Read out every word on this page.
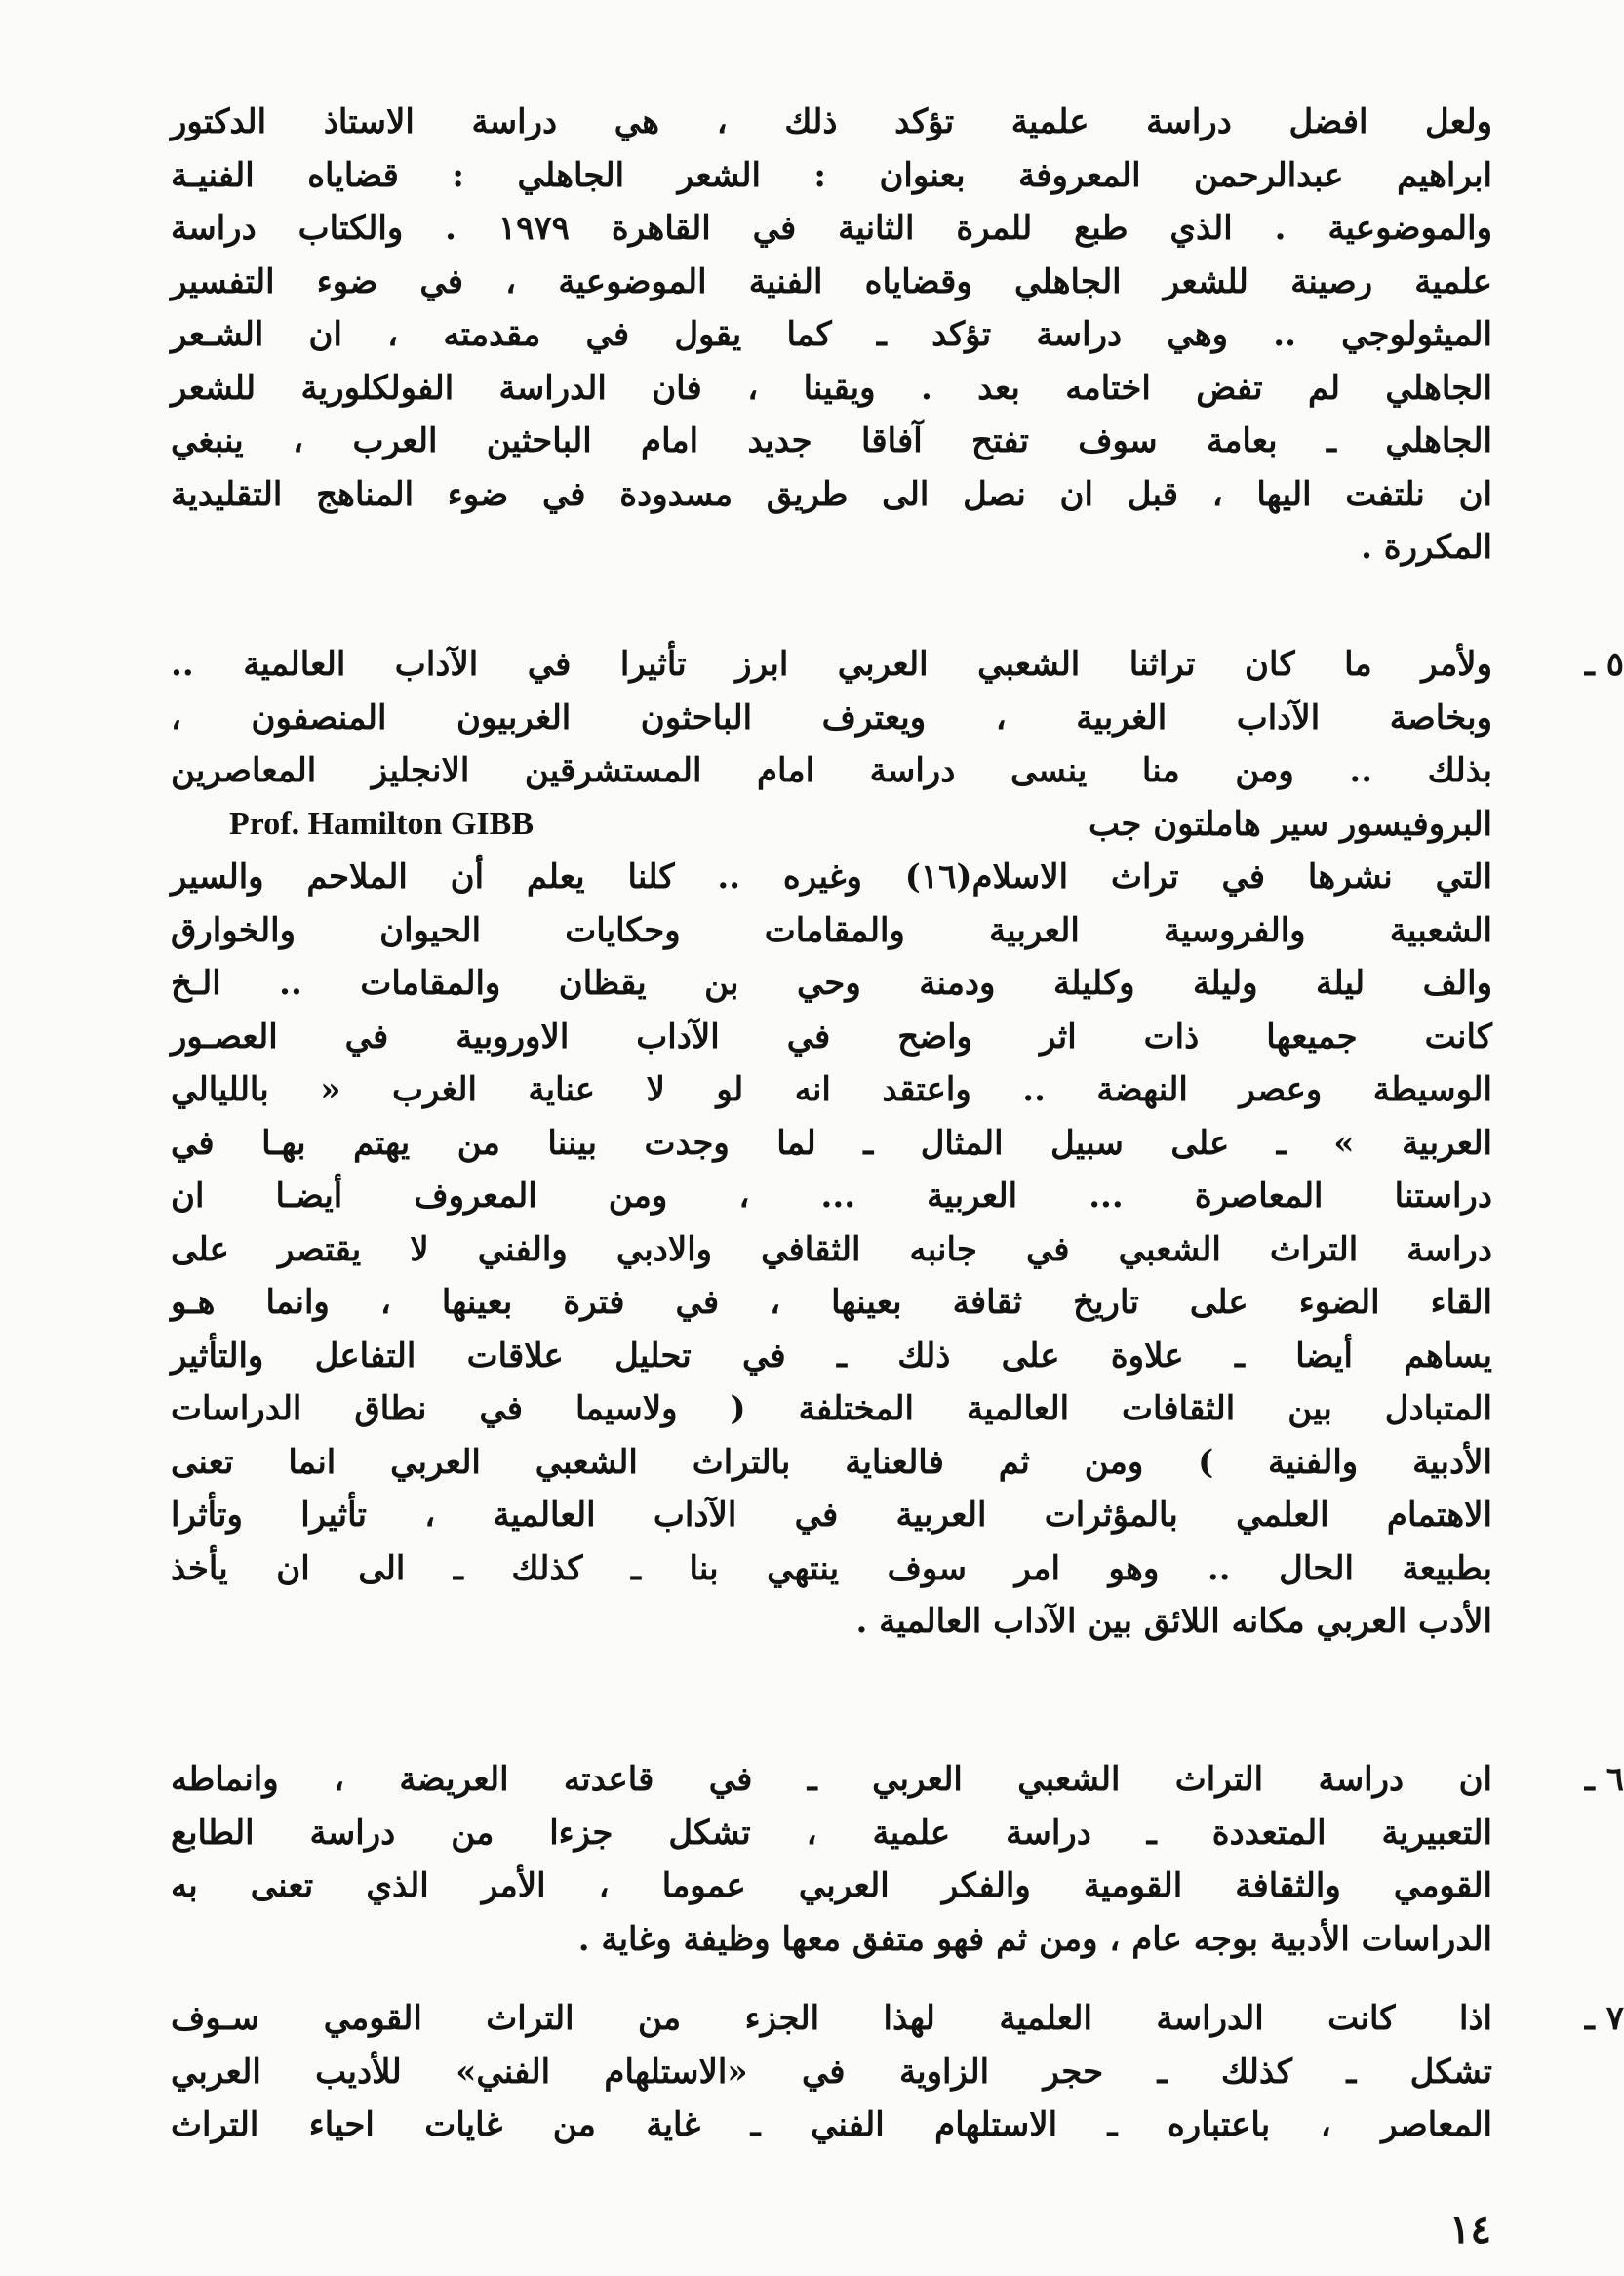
ولعل افضل دراسة علمية تؤكد ذلك ، هي دراسة الاستاذ الدكتور
ابراهيم عبدالرحمن المعروفة بعنوان : الشعر الجاهلي : قضاياه الفنيـة
والموضوعية . الذي طبع للمرة الثانية في القاهرة ١٩٧٩ . والكتاب دراسة
علمية رصينة للشعر الجاهلي وقضاياه الفنية الموضوعية ، في ضوء التفسير
الميثولوجي .. وهي دراسة تؤكد ـ كما يقول في مقدمته ، ان الشـعر
الجاهلي لم تفض اختامه بعد . ويقينا ، فان الدراسة الفولكلورية للشعر
الجاهلي ـ بعامة سوف تفتح آفاقا جديد امام الباحثين العرب ، ينبغي
ان نلتفت اليها ، قبل ان نصل الى طريق مسدودة في ضوء المناهج التقليدية
المكررة .
٥ ـ
ولأمر ما كان تراثنا الشعبي العربي ابرز تأثيرا في الآداب العالمية ..
وبخاصة الآداب الغربية ، ويعترف الباحثون الغربيون المنصفون ،
بذلك .. ومن منا ينسى دراسة امام المستشرقين الانجليز المعاصرين
البروفيسور سير هاملتون جب
Prof. Hamilton GIBB
التي نشرها في تراث الاسلام(١٦) وغيره .. كلنا يعلم أن الملاحم والسير
الشعبية والفروسية العربية والمقامات وحكايات الحيوان والخوارق
والف ليلة وليلة وكليلة ودمنة وحي بن يقظان والمقامات .. الـخ
كانت جميعها ذات اثر واضح في الآداب الاوروبية في العصـور
الوسيطة وعصر النهضة .. واعتقد انه لو لا عناية الغرب « بالليالي
العربية » ـ على سبيل المثال ـ لما وجدت بيننا من يهتم بهـا في
دراستنا المعاصرة ... العربية ... ، ومن المعروف أيضـا ان
دراسة التراث الشعبي في جانبه الثقافي والادبي والفني لا يقتصر على
القاء الضوء على تاريخ ثقافة بعينها ، في فترة بعينها ، وانما هـو
يساهم أيضا ـ علاوة على ذلك ـ في تحليل علاقات التفاعل والتأثير
المتبادل بين الثقافات العالمية المختلفة ( ولاسيما في نطاق الدراسات
الأدبية والفنية ) ومن ثم فالعناية بالتراث الشعبي العربي انما تعنى
الاهتمام العلمي بالمؤثرات العربية في الآداب العالمية ، تأثيرا وتأثرا
بطبيعة الحال .. وهو امر سوف ينتهي بنا ـ كذلك ـ الى ان يأخذ
الأدب العربي مكانه اللائق بين الآداب العالمية .
٦ ـ
ان دراسة التراث الشعبي العربي ـ في قاعدته العريضة ، وانماطه
التعبيرية المتعددة ـ دراسة علمية ، تشكل جزءا من دراسة الطابع
القومي والثقافة القومية والفكر العربي عموما ، الأمر الذي تعنى به
الدراسات الأدبية بوجه عام ، ومن ثم فهو متفق معها وظيفة وغاية .
٧ ـ
اذا كانت الدراسة العلمية لهذا الجزء من التراث القومي سـوف
تشكل ـ كذلك ـ حجر الزاوية في «الاستلهام الفني» للأديب العربي
المعاصر ، باعتباره ـ الاستلهام الفني ـ غاية من غايات احياء التراث
١٤
